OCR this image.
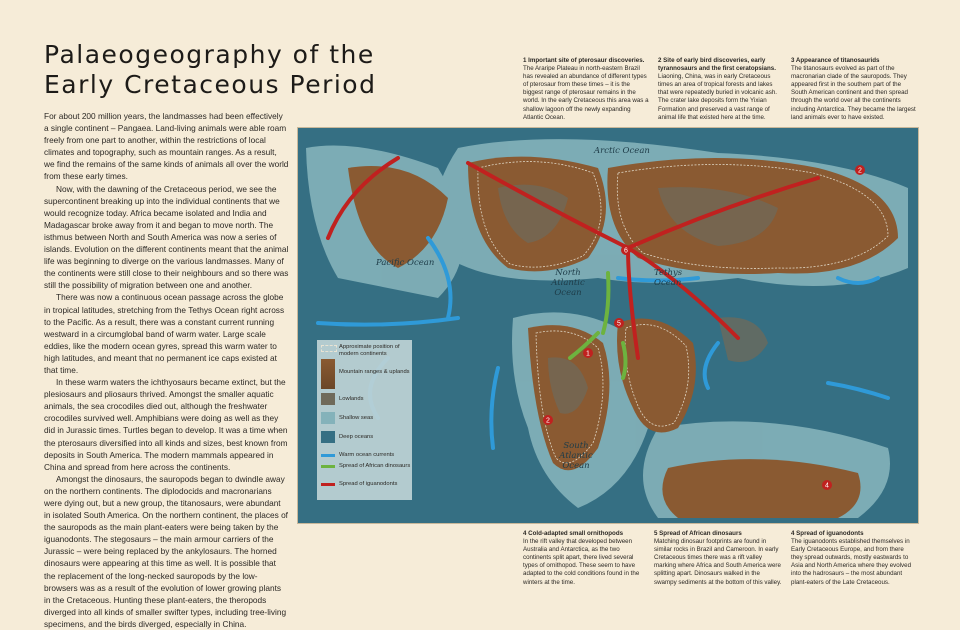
Palaeogeography of the Early Cretaceous Period

For about 200 million years, the landmasses had been effectively a single continent – Pangaea. Land-living animals were able roam freely from one part to another, within the restrictions of local climates and topography, such as mountain ranges. As a result, we find the remains of the same kinds of animals all over the world from these early times.

Now, with the dawning of the Cretaceous period, we see the supercontinent breaking up into the individual continents that we would recognize today. Africa became isolated and India and Madagascar broke away from it and began to move north. The isthmus between North and South America was now a series of islands. Evolution on the different continents meant that the animal life was beginning to diverge on the various landmasses. Many of the continents were still close to their neighbours and so there was still the possibility of migration between one and another.

There was now a continuous ocean passage across the globe in tropical latitudes, stretching from the Tethys Ocean right across to the Pacific. As a result, there was a constant current running westward in a circumglobal band of warm water. Large scale eddies, like the modern ocean gyres, spread this warm water to high latitudes, and meant that no permanent ice caps existed at that time.

In these warm waters the ichthyosaurs became extinct, but the plesiosaurs and pliosaurs thrived. Amongst the smaller aquatic animals, the sea crocodiles died out, although the freshwater crocodiles survived well. Amphibians were doing as well as they did in Jurassic times. Turtles began to develop. It was a time when the pterosaurs diversified into all kinds and sizes, best known from deposits in South America. The modern mammals appeared in China and spread from here across the continents.

Amongst the dinosaurs, the sauropods began to dwindle away on the northern continents. The diplodocids and macronarians were dying out, but a new group, the titanosaurs, were abundant in isolated South America. On the northern continent, the places of the sauropods as the main plant-eaters were being taken by the iguanodonts. The stegosaurs – the main armour carriers of the Jurassic – were being replaced by the ankylosaurs. The horned dinosaurs were appearing at this time as well. It is possible that the replacement of the long-necked sauropods by the low-browsers was as a result of the evolution of lower growing plants in the Cretaceous. Hunting these plant-eaters, the theropods diverged into all kinds of smaller swifter types, including tree-living specimens, and the birds diverged, especially in China.

1 Important site of pterosaur discoveries.
The Araripe Plateau in north-eastern Brazil has revealed an abundance of different types of pterosaur from these times – it is the biggest range of pterosaur remains in the world. In the early Cretaceous this area was a shallow lagoon off the newly expanding Atlantic Ocean.
2 Site of early bird discoveries, early tyrannosaurs and the first ceratopsians.
Liaoning, China, was in early Cretaceous times an area of tropical forests and lakes that were repeatedly buried in volcanic ash. The crater lake deposits form the Yixian Formation and preserved a vast range of animal life that existed here at the time.
3 Appearance of titanosaurids
The titanosaurs evolved as part of the macronarian clade of the sauropods. They appeared first in the southern part of the South American continent and then spread through the world over all the continents including Antarctica. They became the largest land animals ever to have existed.
1
2
2
4
5
6
Arctic Ocean
Pacific Ocean
North Atlantic Ocean
Tethys Ocean
South Atlantic Ocean
Approximate position of modern continents
Mountain ranges & uplands
Lowlands
Shallow seas
Deep oceans
Warm ocean currents
Spread of African dinosaurs
Spread of iguanodonts
4 Cold-adapted small ornithopods
In the rift valley that developed between Australia and Antarctica, as the two continents split apart, there lived several types of ornithopod. These seem to have adapted to the cold conditions found in the winters at the time.
5 Spread of African dinosaurs
Matching dinosaur footprints are found in similar rocks in Brazil and Cameroon. In early Cretaceous times there was a rift valley marking where Africa and South America were splitting apart. Dinosaurs walked in the swampy sediments at the bottom of this valley.
4 Spread of iguanodonts
The iguanodonts established themselves in Early Cretaceous Europe, and from there they spread outwards, mostly eastwards to Asia and North America where they evolved into the hadrosaurs – the most abundant plant-eaters of the Late Cretaceous.
